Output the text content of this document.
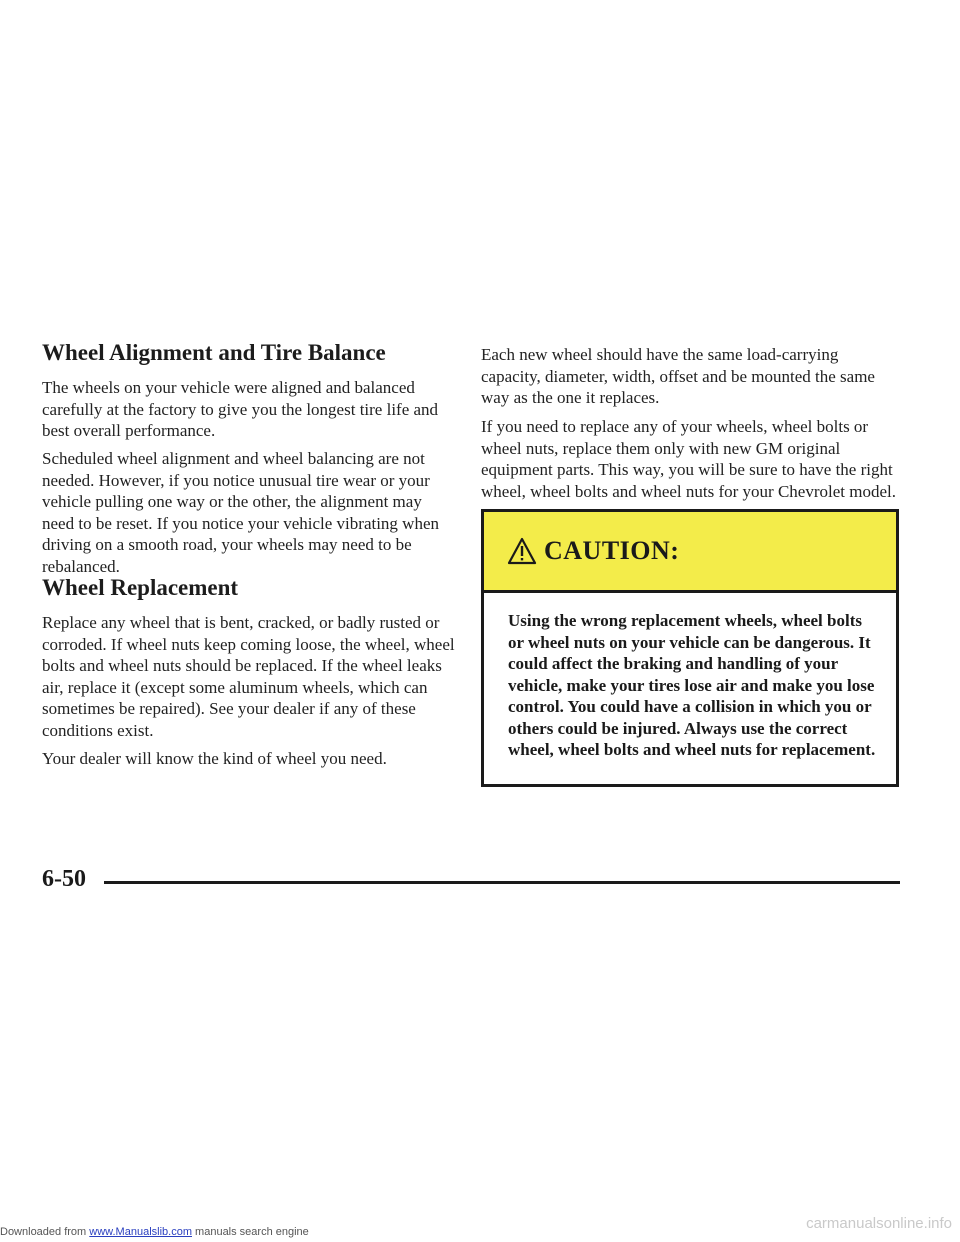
Wheel Alignment and Tire Balance

The wheels on your vehicle were aligned and balanced carefully at the factory to give you the longest tire life and best overall performance.

Scheduled wheel alignment and wheel balancing are not needed. However, if you notice unusual tire wear or your vehicle pulling one way or the other, the alignment may need to be reset. If you notice your vehicle vibrating when driving on a smooth road, your wheels may need to be rebalanced.

Wheel Replacement

Replace any wheel that is bent, cracked, or badly rusted or corroded. If wheel nuts keep coming loose, the wheel, wheel bolts and wheel nuts should be replaced. If the wheel leaks air, replace it (except some aluminum wheels, which can sometimes be repaired). See your dealer if any of these conditions exist.

Your dealer will know the kind of wheel you need.

Each new wheel should have the same load-carrying capacity, diameter, width, offset and be mounted the same way as the one it replaces.

If you need to replace any of your wheels, wheel bolts or wheel nuts, replace them only with new GM original equipment parts. This way, you will be sure to have the right wheel, wheel bolts and wheel nuts for your Chevrolet model.

CAUTION:

Using the wrong replacement wheels, wheel bolts or wheel nuts on your vehicle can be dangerous. It could affect the braking and handling of your vehicle, make your tires lose air and make you lose control. You could have a collision in which you or others could be injured. Always use the correct wheel, wheel bolts and wheel nuts for replacement.

6-50
Downloaded from www.Manualslib.com manuals search engine	carmanualsonline.info
